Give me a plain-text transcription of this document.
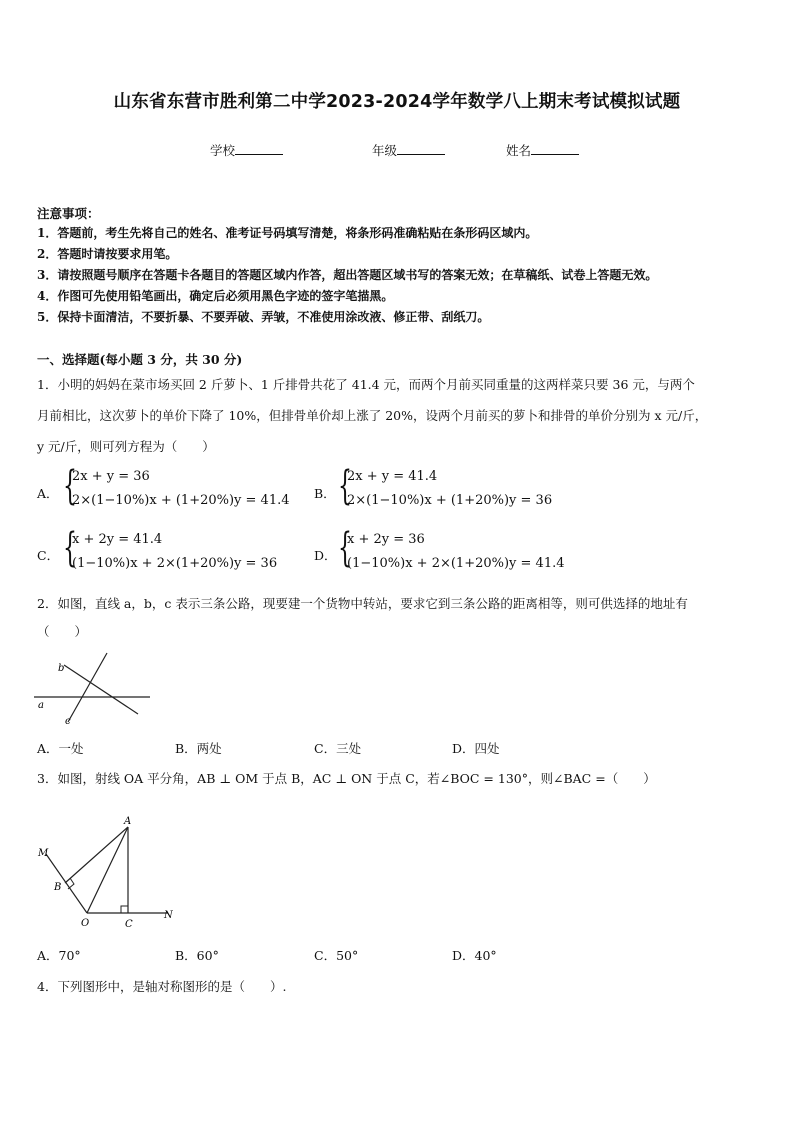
山东省东营市胜利第二中学2023-2024学年数学八上期末考试模拟试题
学校	年级	姓名
注意事项：
1．答题前，考生先将自己的姓名、准考证号码填写清楚，将条形码准确粘贴在条形码区域内。
2．答题时请按要求用笔。
3．请按照题号顺序在答题卡各题目的答题区域内作答，超出答题区域书写的答案无效；在草稿纸、试卷上答题无效。
4．作图可先使用铅笔画出，确定后必须用黑色字迹的签字笔描黑。
5．保持卡面清洁，不要折暴、不要弄破、弄皱，不准使用涂改液、修正带、刮纸刀。
一、选择题(每小题 3 分，共 30 分)
1．小明的妈妈在菜市场买回 2 斤萝卜、1 斤排骨共花了 41.4 元，而两个月前买同重量的这两样菜只要 36 元，与两个
月前相比，这次萝卜的单价下降了 10%，但排骨单价却上涨了 20%，设两个月前买的萝卜和排骨的单价分别为 x 元/斤，
y 元/斤，则可列方程为（　　）
A． {
2x + y = 36
2×(1−10%)x + (1+20%)y = 41.4 B． {
2x + y = 41.4
2×(1−10%)x + (1+20%)y = 36
C． {
x + 2y = 41.4
(1−10%)x + 2×(1+20%)y = 36
D． {
x + 2y = 36
(1−10%)x + 2×(1+20%)y = 41.4
2．如图，直线 a，b，c 表示三条公路，现要建一个货物中转站，要求它到三条公路的距离相等，则可供选择的地址有
（　　）
a
b
c
A．一处	B．两处	C．三处	D．四处
3．如图，射线 OA 平分角，AB ⊥ OM 于点 B，AC ⊥ ON 于点 C，若∠BOC = 130°，则∠BAC =（　　）
A
B
C
O
M
N
A．70°	B．60°	C．50°	D．40°
4．下列图形中，是轴对称图形的是（　　）.
